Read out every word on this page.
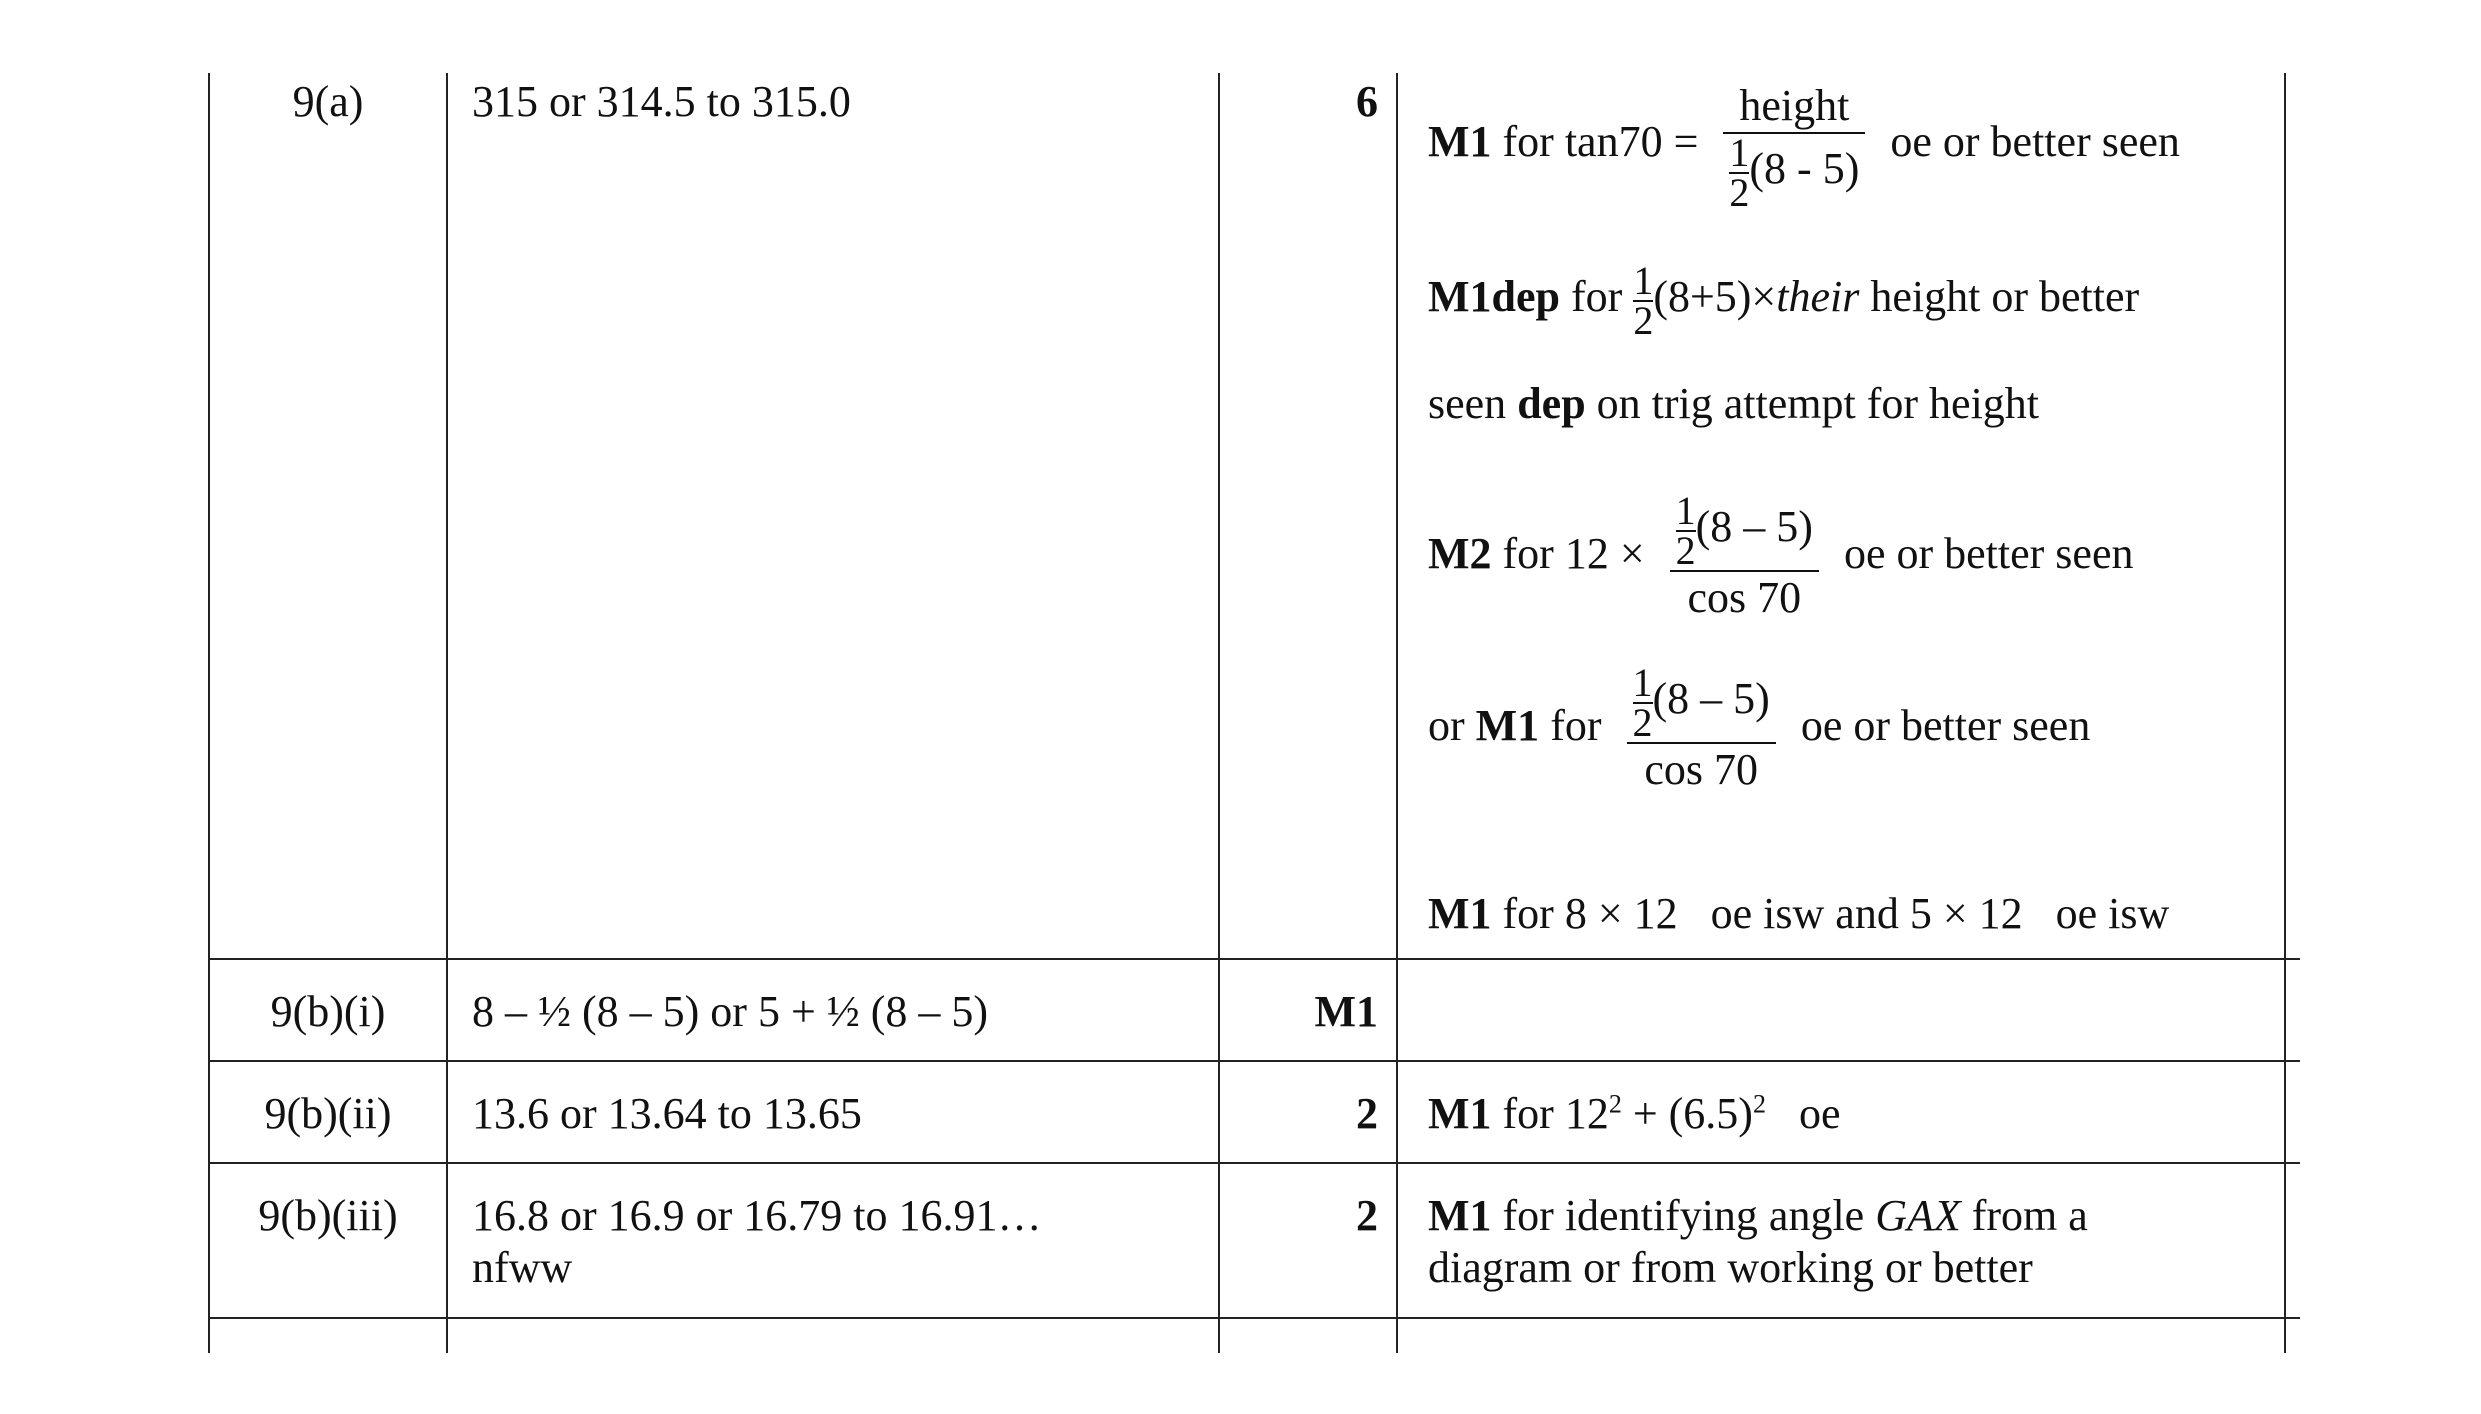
9(a)	315 or 314.5 to 315.0	6
M1 for $\tan 70 = \frac{\text{height}}{\frac{1}{2} (8 - 5)}$ oe or better seen
M1dep for $\frac{1}{2}$ (8+5)×their height or better
seen dep on trig attempt for height
M2 for $12 \times \frac{\frac{1}{2} (8 - 5)}{\cos 70}$ oe or better seen
or M1 for $\frac{\frac{1}{2} (8 - 5)}{\cos 70}$ oe or better seen
M1 for 8 × 12   oe isw and 5 × 12   oe isw
9(b)(i)	8 – ½ (8 – 5) or 5 + ½ (8 – 5)	M1
9(b)(ii)	13.6 or 13.64 to 13.65	2 M1 for $12^2 + (6.5)^2$   oe
9(b)(iii)	16.8 or 16.9 or 16.79 to 16.91…
nfww
2 M1 for identifying angle GAX from a
diagram or from working or better
